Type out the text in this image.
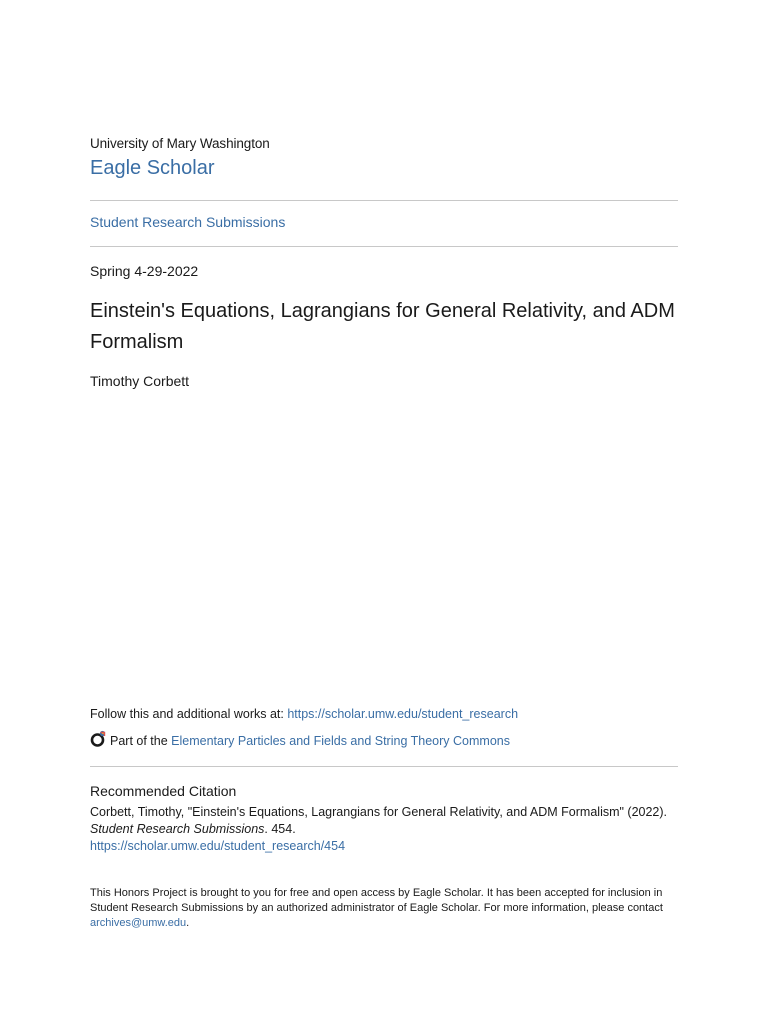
University of Mary Washington
Eagle Scholar
Student Research Submissions
Spring 4-29-2022
Einstein's Equations, Lagrangians for General Relativity, and ADM Formalism
Timothy Corbett
Follow this and additional works at: https://scholar.umw.edu/student_research
Part of the
Elementary Particles and Fields and String Theory Commons
Recommended Citation
Corbett, Timothy, "Einstein's Equations, Lagrangians for General Relativity, and ADM Formalism" (2022).
Student Research Submissions. 454.
https://scholar.umw.edu/student_research/454
This Honors Project is brought to you for free and open access by Eagle Scholar. It has been accepted for inclusion in Student Research Submissions by an authorized administrator of Eagle Scholar. For more information, please contact archives@umw.edu.
